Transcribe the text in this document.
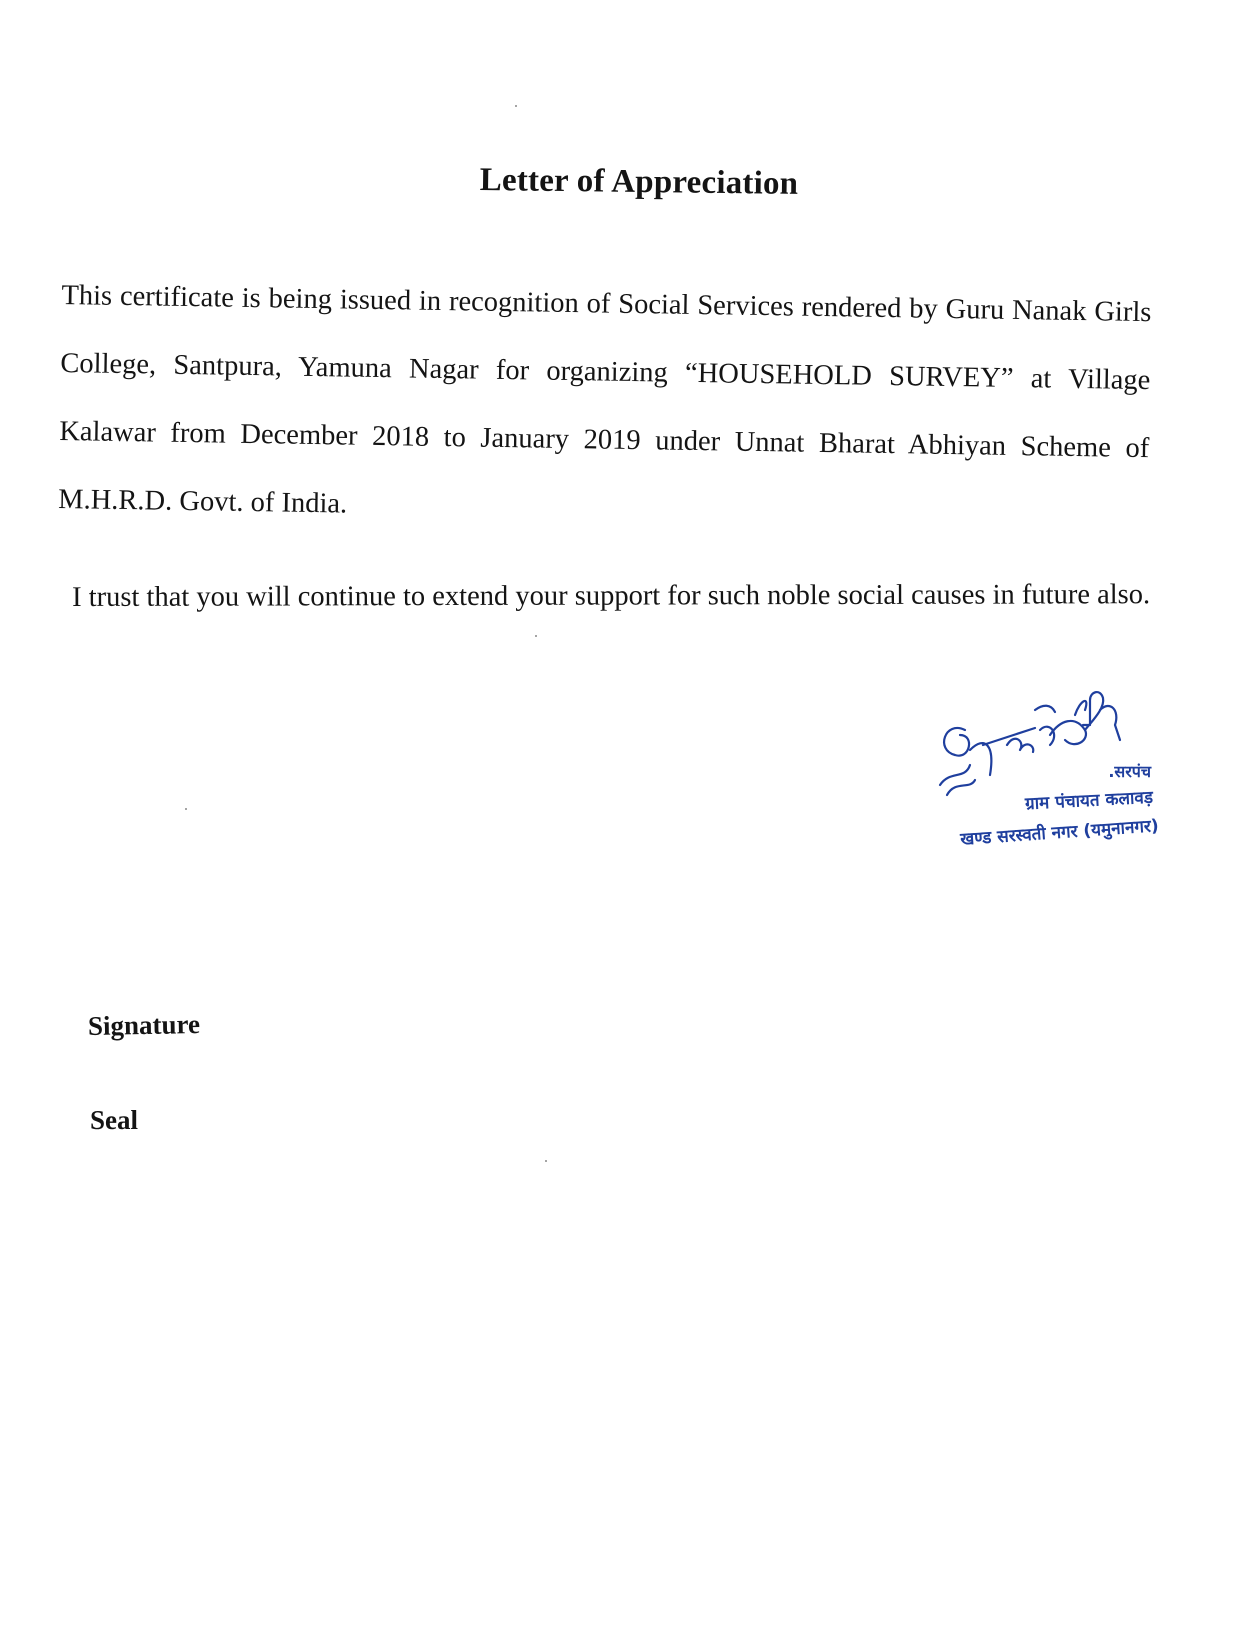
Letter of Appreciation
This certificate is being issued in recognition of Social Services rendered by Guru Nanak Girls College, Santpura, Yamuna Nagar for organizing “HOUSEHOLD SURVEY” at Village Kalawar from December 2018 to January 2019 under Unnat Bharat Abhiyan Scheme of M.H.R.D. Govt. of India.
I trust that you will continue to extend your support for such noble social causes in future also.
.सरपंच
ग्राम पंचायत कलावड़
खण्ड सरस्वती नगर (यमुनानगर)
Signature
Seal
